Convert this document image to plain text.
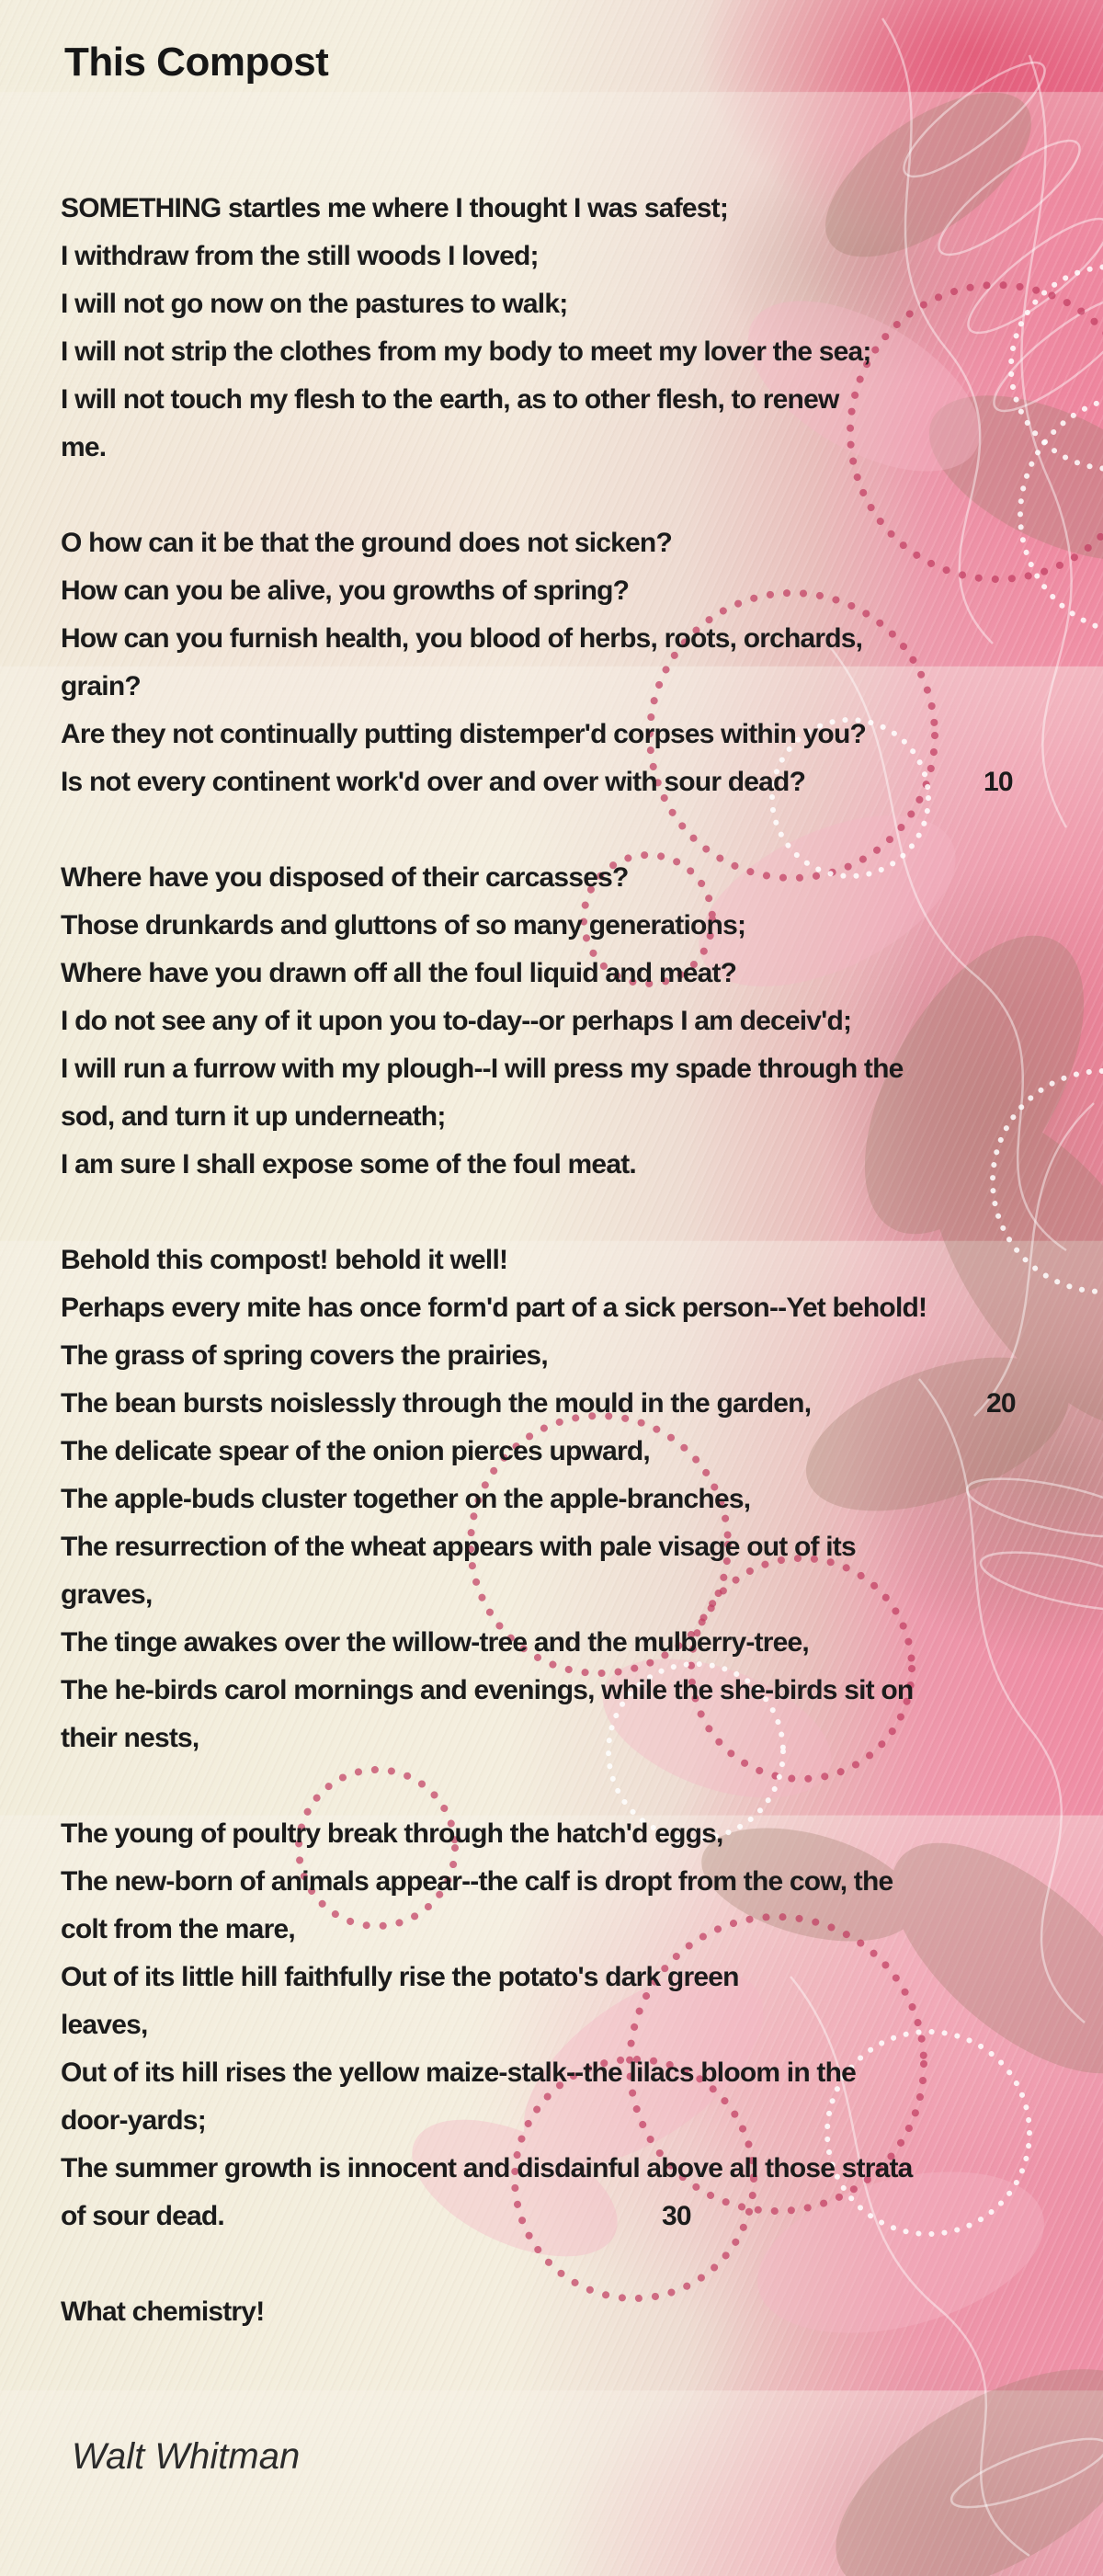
This Compost
SOMETHING startles me where I thought I was safest;
I withdraw from the still woods I loved;
I will not go now on the pastures to walk;
I will not strip the clothes from my body to meet my lover the sea;
I will not touch my flesh to the earth, as to other flesh, to renew
me.
O how can it be that the ground does not sicken?
How can you be alive, you growths of spring?
How can you furnish health, you blood of herbs, roots, orchards,
grain?
Are they not continually putting distemper'd corpses within you?
Is not every continent work'd over and over with sour dead?	10
Where have you disposed of their carcasses?
Those drunkards and gluttons of so many generations;
Where have you drawn off all the foul liquid and meat?
I do not see any of it upon you to-day--or perhaps I am deceiv'd;
I will run a furrow with my plough--I will press my spade through the
sod, and turn it up underneath;
I am sure I shall expose some of the foul meat.
Behold this compost! behold it well!
Perhaps every mite has once form'd part of a sick person--Yet behold!
The grass of spring covers the prairies,
The bean bursts noislessly through the mould in the garden,	20
The delicate spear of the onion pierces upward,
The apple-buds cluster together on the apple-branches,
The resurrection of the wheat appears with pale visage out of its
graves,
The tinge awakes over the willow-tree and the mulberry-tree,
The he-birds carol mornings and evenings, while the she-birds sit on
their nests,
The young of poultry break through the hatch'd eggs,
The new-born of animals appear--the calf is dropt from the cow, the
colt from the mare,
Out of its little hill faithfully rise the potato's dark green
leaves,
Out of its hill rises the yellow maize-stalk--the lilacs bloom in the
door-yards;
The summer growth is innocent and disdainful above all those strata
of sour dead.	30
What chemistry!
Walt Whitman
